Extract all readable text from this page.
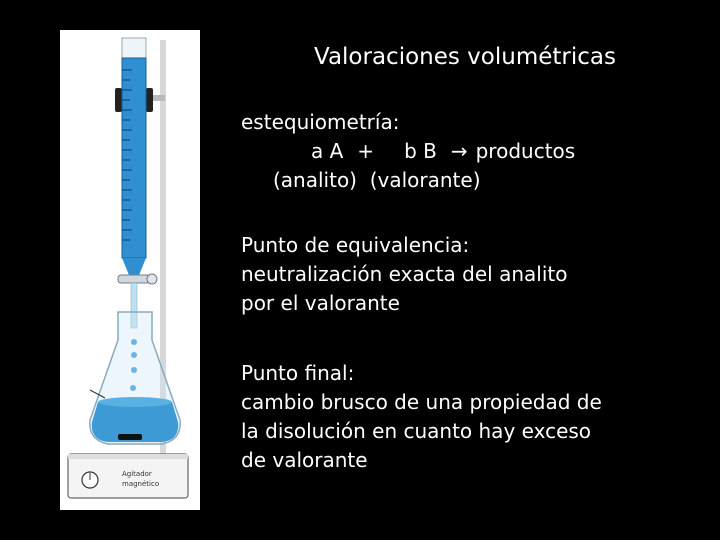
Agitador
magnético
Valoraciones volumétricas
estequiometría:
a A + b B → productos
(analito) (valorante)
Punto de equivalencia:
neutralización exacta del analito
por el valorante
Punto final:
cambio brusco de una propiedad de
la disolución en cuanto hay exceso
de valorante
